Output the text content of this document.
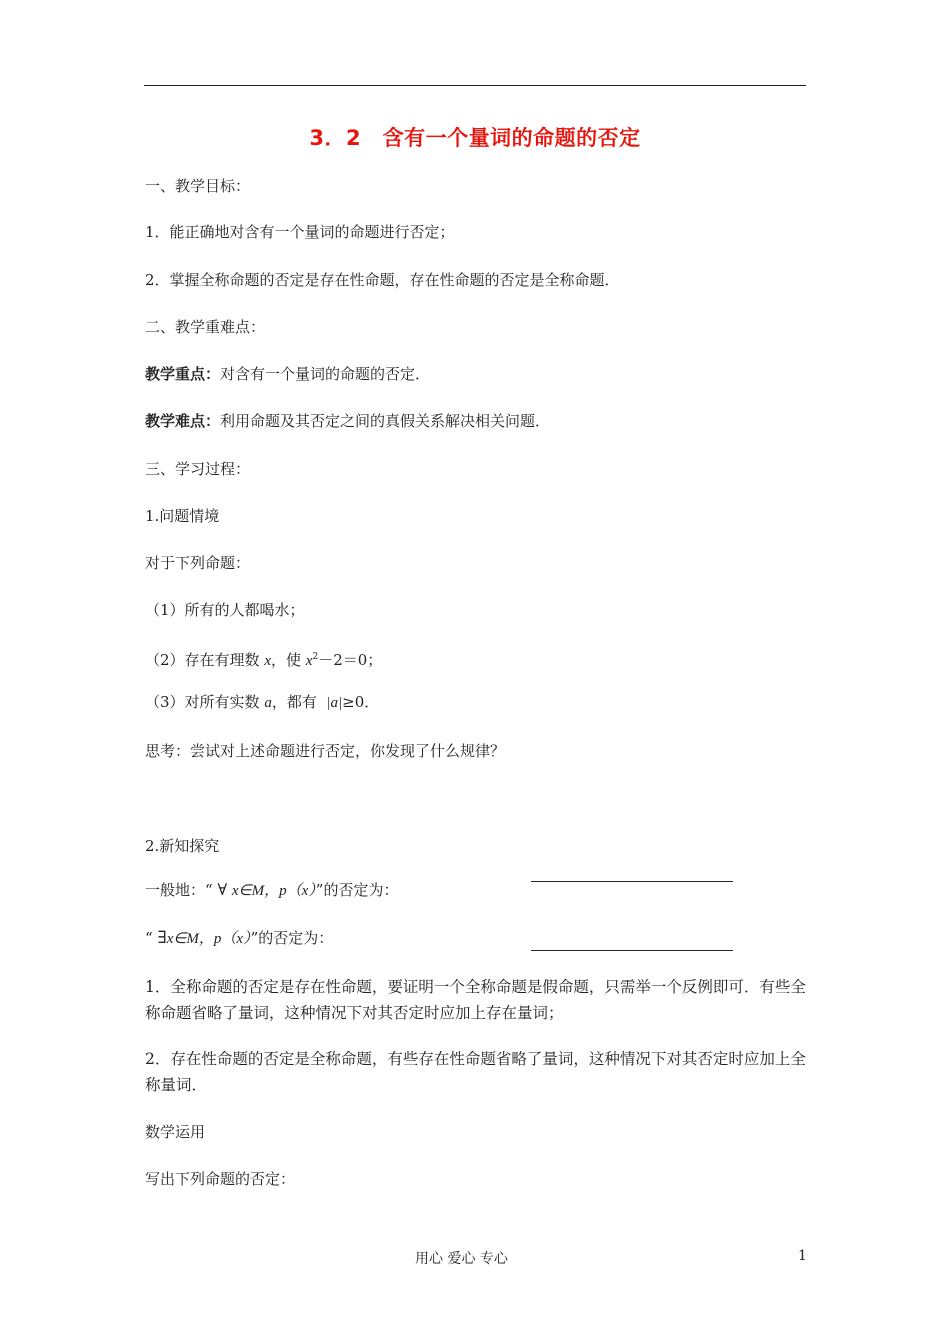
3．2　含有一个量词的命题的否定
一、教学目标：
1．能正确地对含有一个量词的命题进行否定；
2．掌握全称命题的否定是存在性命题，存在性命题的否定是全称命题．
二、教学重难点：
教学重点：对含有一个量词的命题的否定．
教学难点：利用命题及其否定之间的真假关系解决相关问题．
三、学习过程：
1.问题情境
对于下列命题：
（1）所有的人都喝水；
（2）存在有理数 x，使 $x^2-2=0$；
（3）对所有实数 a，都有 |a|≥0．
思考：尝试对上述命题进行否定，你发现了什么规律？
2.新知探究
一般地：“ ∀ x∈M，p（x）”的否定为：
“ ∃x∈M，p（x）”的否定为：
1．全称命题的否定是存在性命题，要证明一个全称命题是假命题，只需举一个反例即可．有些全称命题省略了量词，这种情况下对其否定时应加上存在量词；
2．存在性命题的否定是全称命题，有些存在性命题省略了量词，这种情况下对其否定时应加上全称量词．
数学运用
写出下列命题的否定：
用心 爱心 专心	1
